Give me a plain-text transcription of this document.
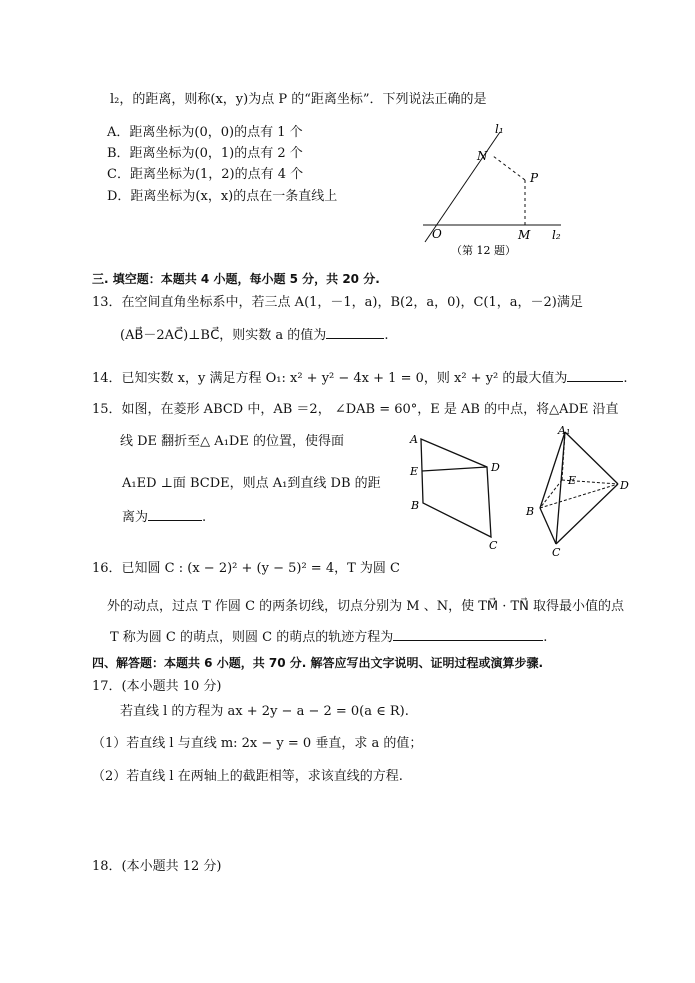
l₂，的距离，则称(x，y)为点 P 的“距离坐标”．下列说法正确的是
A．距离坐标为(0，0)的点有 1 个
B．距离坐标为(0，1)的点有 2 个
C．距离坐标为(1，2)的点有 4 个
D．距离坐标为(x，x)的点在一条直线上
l₁
N
P
O	M l₂
（第 12 题）
三. 填空题：本题共 4 小题，每小题 5 分，共 20 分.
13．在空间直角坐标系中，若三点 A(1，－1，a)，B(2，a，0)，C(1，a，－2)满足
(AB⃗－2AC⃗)⊥BC⃗，则实数 a 的值为	.
14．已知实数 x，y 满足方程 O₁: x² + y² − 4x + 1 = 0，则 x² + y² 的最大值为	.
15．如图，在菱形 ABCD 中，AB ＝2， ∠DAB = 60°，E 是 AB 的中点，将△ADE 沿直
线 DE 翻折至△ A₁DE 的位置，使得面
A₁ED ⊥面 BCDE，则点 A₁到直线 DB 的距
离为	.
A
E	D
B
C
A₁
E	D
B
C
16．已知圆 C : (x − 2)² + (y − 5)² = 4，T 为圆 C
外的动点，过点 T 作圆 C 的两条切线，切点分别为 M 、N，使 TM⃗ · TN⃗ 取得最小值的点
T 称为圆 C 的萌点，则圆 C 的萌点的轨迹方程为	.
四、解答题：本题共 6 小题，共 70 分. 解答应写出文字说明、证明过程或演算步骤.
17．(本小题共 10 分)
若直线 l 的方程为 ax + 2y − a − 2 = 0(a ∈ R).
（1）若直线 l 与直线 m: 2x − y = 0 垂直，求 a 的值；
（2）若直线 l 在两轴上的截距相等，求该直线的方程.
18．(本小题共 12 分)
